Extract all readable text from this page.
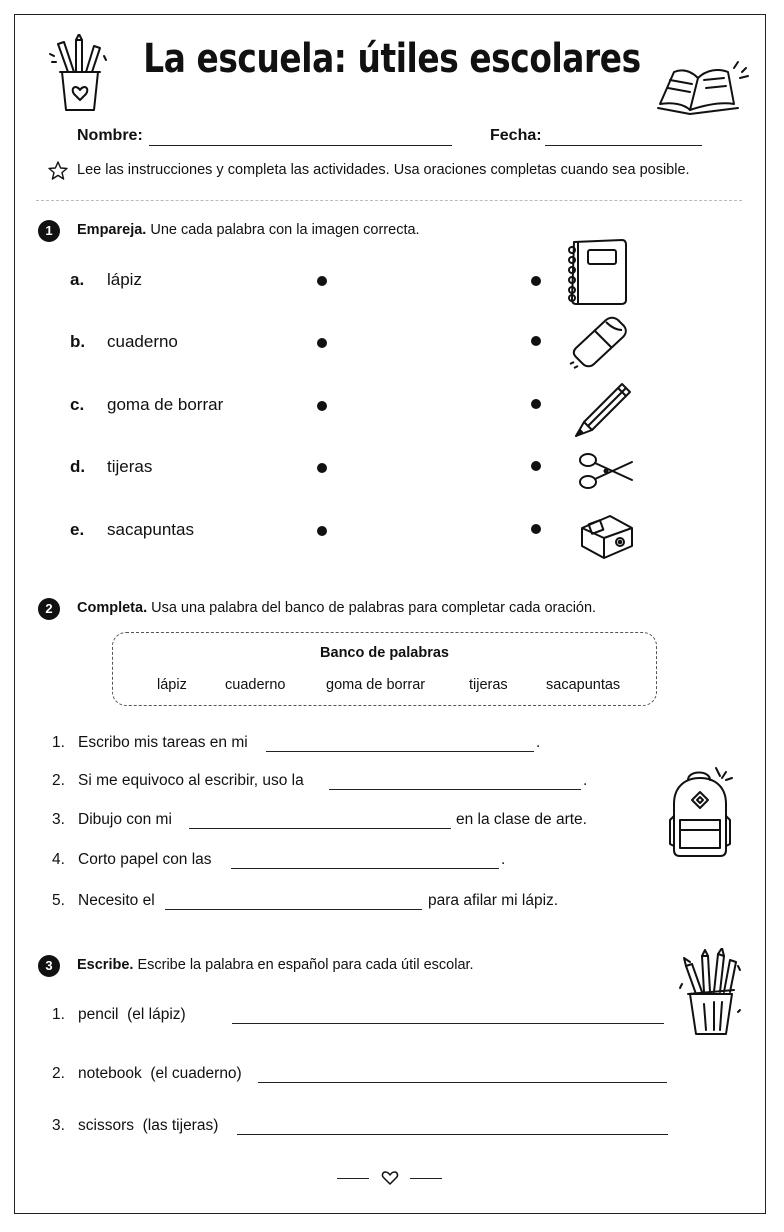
La escuela: útiles escolares
Nombre:	Fecha:
Lee las instrucciones y completa las actividades. Usa oraciones completas cuando sea posible.
1	Empareja. Une cada palabra con la imagen correcta.
a.	lápiz
b.	cuaderno
c.	goma de borrar
d.	tijeras
e.	sacapuntas
2	Completa. Usa una palabra del banco de palabras para completar cada oración.
Banco de palabras
lápiz	cuaderno	goma de borrar	tijeras	sacapuntas
1. Escribo mis tareas en mi	.
2. Si me equivoco al escribir, uso la	.
3. Dibujo con mi	en la clase de arte.
4. Corto papel con las	.
5. Necesito el	para afilar mi lápiz.
3	Escribe. Escribe la palabra en español para cada útil escolar.
1. pencil  (el lápiz)
2. notebook  (el cuaderno)
3. scissors  (las tijeras)
